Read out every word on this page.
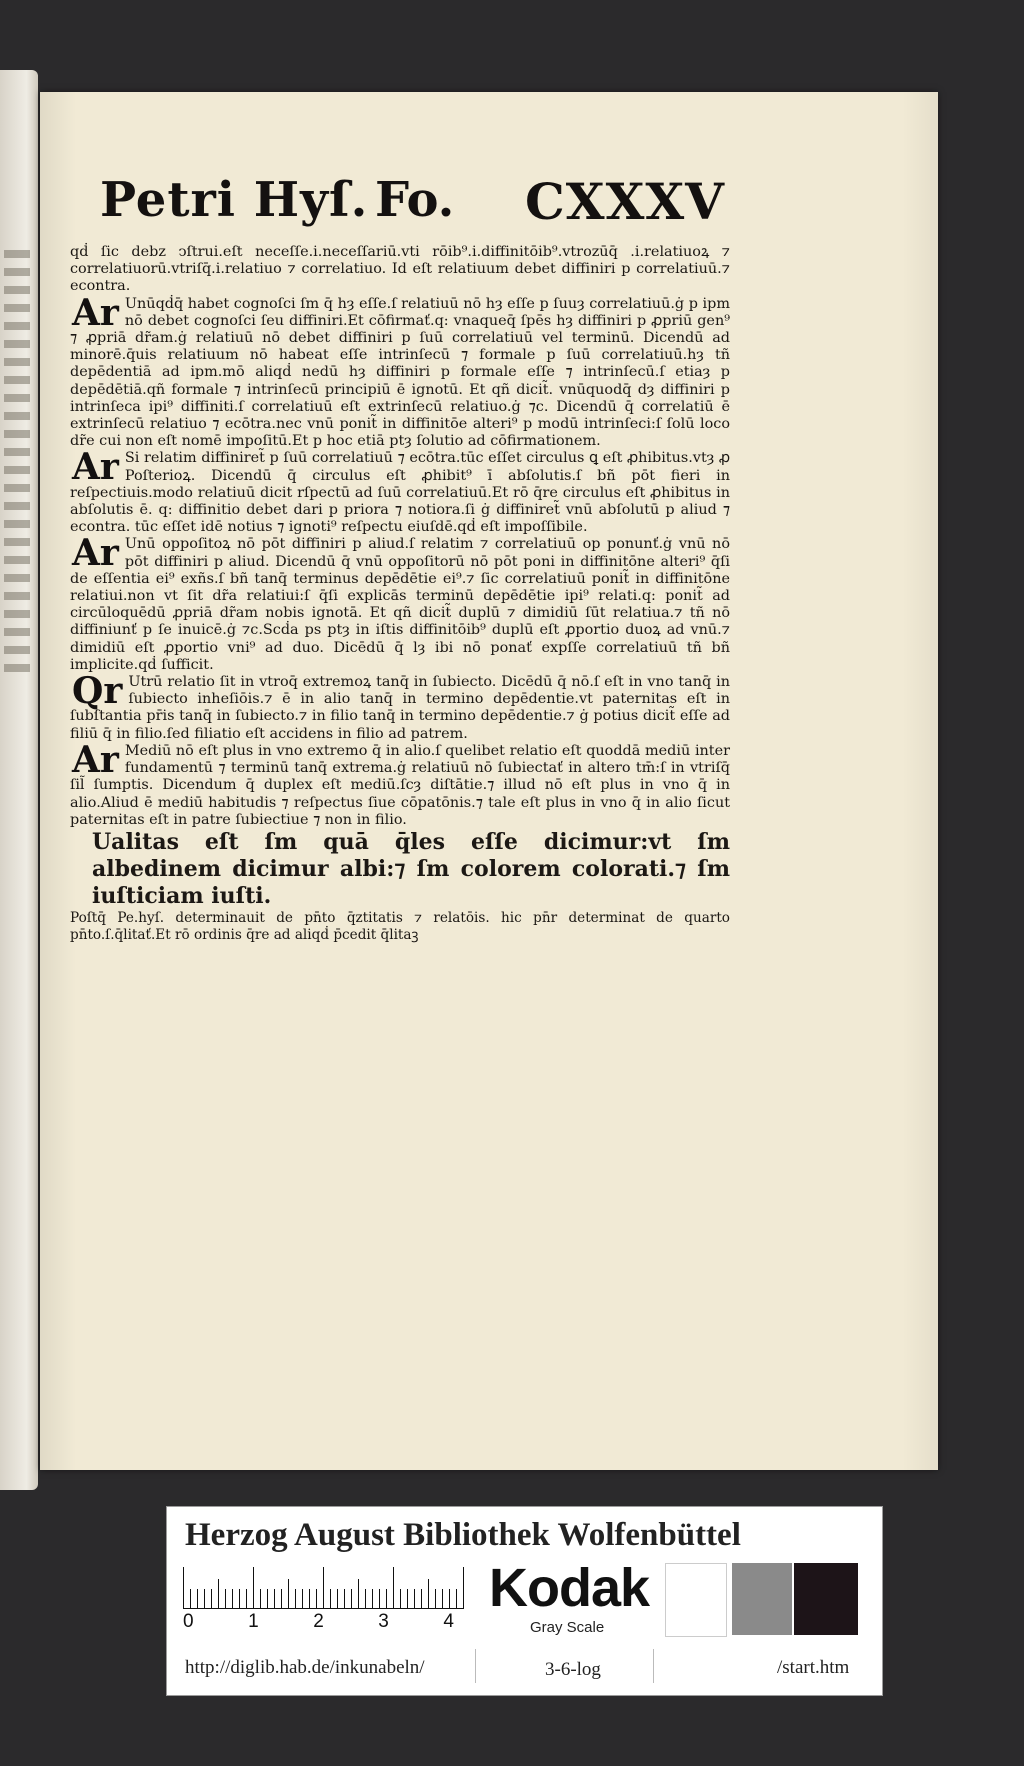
Petri Hyſ. Fo. CXXXV

qḋ ſic debz ↄſtrui.eſt neceſſe.i.neceſſariū.vti rōib⁹.i.diffinitōib⁹.vtrozūq̄ .i.relatiuoꝝ ⁊ correlatiuorū.vtriſq̄.i.relatiuo ⁊ correlatiuo. Id eſt relatiuum debet diffiniri p correlatiuū.⁊ econtra.

Ar Unūqḋq̄ habet cognoſci ſm q̄ hȝ eſſe.ſ relatiuū nō hȝ eſſe p ſuuȝ correlatiuū.ġ p ipm nō debet cognoſci ſeu diffiniri.Et cōfirmať.q: vnaqueq̄ ſpēs hȝ diffiniri p ꝓpriū gen⁹ ⁊ ꝓpriā dr̃am.ġ relatiuū nō debet diffiniri p ſuū correlatiuū vel terminū. Dicendū ad minorē.q̄uis relatiuum nō habeat eſſe intrinſecū ⁊ formale p ſuū correlatiuū.hȝ tñ depēdentiā ad ipm.mō aliqḋ nedū hȝ diffiniri p formale eſſe ⁊ intrinſecū.ſ etiaȝ p depēdētiā.qñ formale ⁊ intrinſecū principiū ē ignotū. Et qñ dicit̃. vnūquodq̄ dȝ diffiniri p intrinſeca ipi⁹ diffiniti.ſ correlatiuū eſt extrinſecū relatiuo.ġ ⁊c. Dicendū q̄ correlatiū ē extrinſecū relatiuo ⁊ ecōtra.nec vnū ponit̃ in diffinitōe alteri⁹ p modū intrinſeci:ſ ſolū loco dr̃e cui non eſt nomē impoſitū.Et p hoc etiā ptȝ ſolutio ad cōfirmationem.

Ar Si relatim diffiniret̃ p ſuū correlatiuū ⁊ ecōtra.tūc eſſet circulus ꝗ eſt ꝓhibitus.vtȝ ꝓ Poſterioꝝ. Dicendū q̄ circulus eſt ꝓhibit⁹ ī abſolutis.ſ bñ pōt fieri in reſpectiuis.modo relatiuū dicit rſpectū ad ſuū correlatiuū.Et rō q̄re circulus eſt ꝓhibitus in abſolutis ē. q: diffinitio debet dari p priora ⁊ notiora.ſi ġ diffiniret̃ vnū abſolutū p aliud ⁊ econtra. tūc eſſet idē notius ⁊ ignoti⁹ reſpectu eiuſdē.qḋ eſt impoſſibile.

Ar Unū oppoſitoꝝ nō pōt diffiniri p aliud.ſ relatim ⁊ correlatiuū op ponunť.ġ vnū nō pōt diffiniri p aliud. Dicendū q̄ vnū oppoſitorū nō pōt poni in diffinitōne alteri⁹ q̄ſi de eſſentia ei⁹ exñs.ſ bñ tanq̄ terminus depēdētie ei⁹.⁊ ſic correlatiuū ponit̃ in diffinitōne relatiui.non vt ſit dr̃a relatiui:ſ q̄ſi explicās terminū depēdētie ipi⁹ relati.q: ponit̃ ad circūloquēdū ꝓpriā dr̃am nobis ignotā. Et qñ dicit̃ duplū ⁊ dimidiū ſūt relatiua.⁊ tñ nō diffiniunť p ſe inuicē.ġ ⁊c.Scḋa ps ptȝ in iſtis diffinitōib⁹ duplū eſt ꝓportio duoꝝ ad vnū.⁊ dimidiū eſt ꝓportio vni⁹ ad duo. Dicēdū q̄ lȝ ibi nō ponať expſſe correlatiuū tñ bñ implicite.qḋ ſufficit.

Qr Utrū relatio ſit in vtroq̄ extremoꝝ tanq̄ in ſubiecto. Dicēdū q̄ nō.ſ eſt in vno tanq̄ in ſubiecto inheſiōis.⁊ ē in alio tanq̄ in termino depēdentie.vt paternitas eſt in ſubſtantia pr̄is tanq̄ in ſubiecto.⁊ in filio tanq̄ in termino depēdentie.⁊ ġ potius dicit̃ eſſe ad filiū q̄ in filio.ſed filiatio eſt accidens in filio ad patrem.

Ar Mediū nō eſt plus in vno extremo q̄ in alio.ſ quelibet relatio eſt quoddā mediū inter fundamentū ⁊ terminū tanq̄ extrema.ġ relatiuū nō ſubiectať in altero tm̄:ſ in vtriſq̄ ſil̃ ſumptis. Dicendum q̄ duplex eſt mediū.ſcȝ diſtātie.⁊ illud nō eſt plus in vno q̄ in alio.Aliud ē mediū habitudis ⁊ reſpectus ſiue cōpatōnis.⁊ tale eſt plus in vno q̄ in alio ſicut paternitas eſt in patre ſubiectiue ⁊ non in filio.

Ualitas eſt ſm quā q̄les eſſe dicimur:vt ſm albedinem dicimur albi:⁊ ſm colorem colorati.⁊ ſm iuſticiam iuſti.

Poſtq̄ Pe.hyſ. determinauit de pn̄to q̄ztitatis ⁊ relatōis. hic pn̄r determinat de quarto pn̄to.ſ.q̄litať.Et rō ordinis q̄re ad aliqḋ p̄cedit q̄litaꝫ

Herzog August Bibliothek Wolfenbüttel
0	1	2	3	4
Kodak
Gray Scale
http://diglib.hab.de/inkunabeln/	3-6-log	/start.htm
